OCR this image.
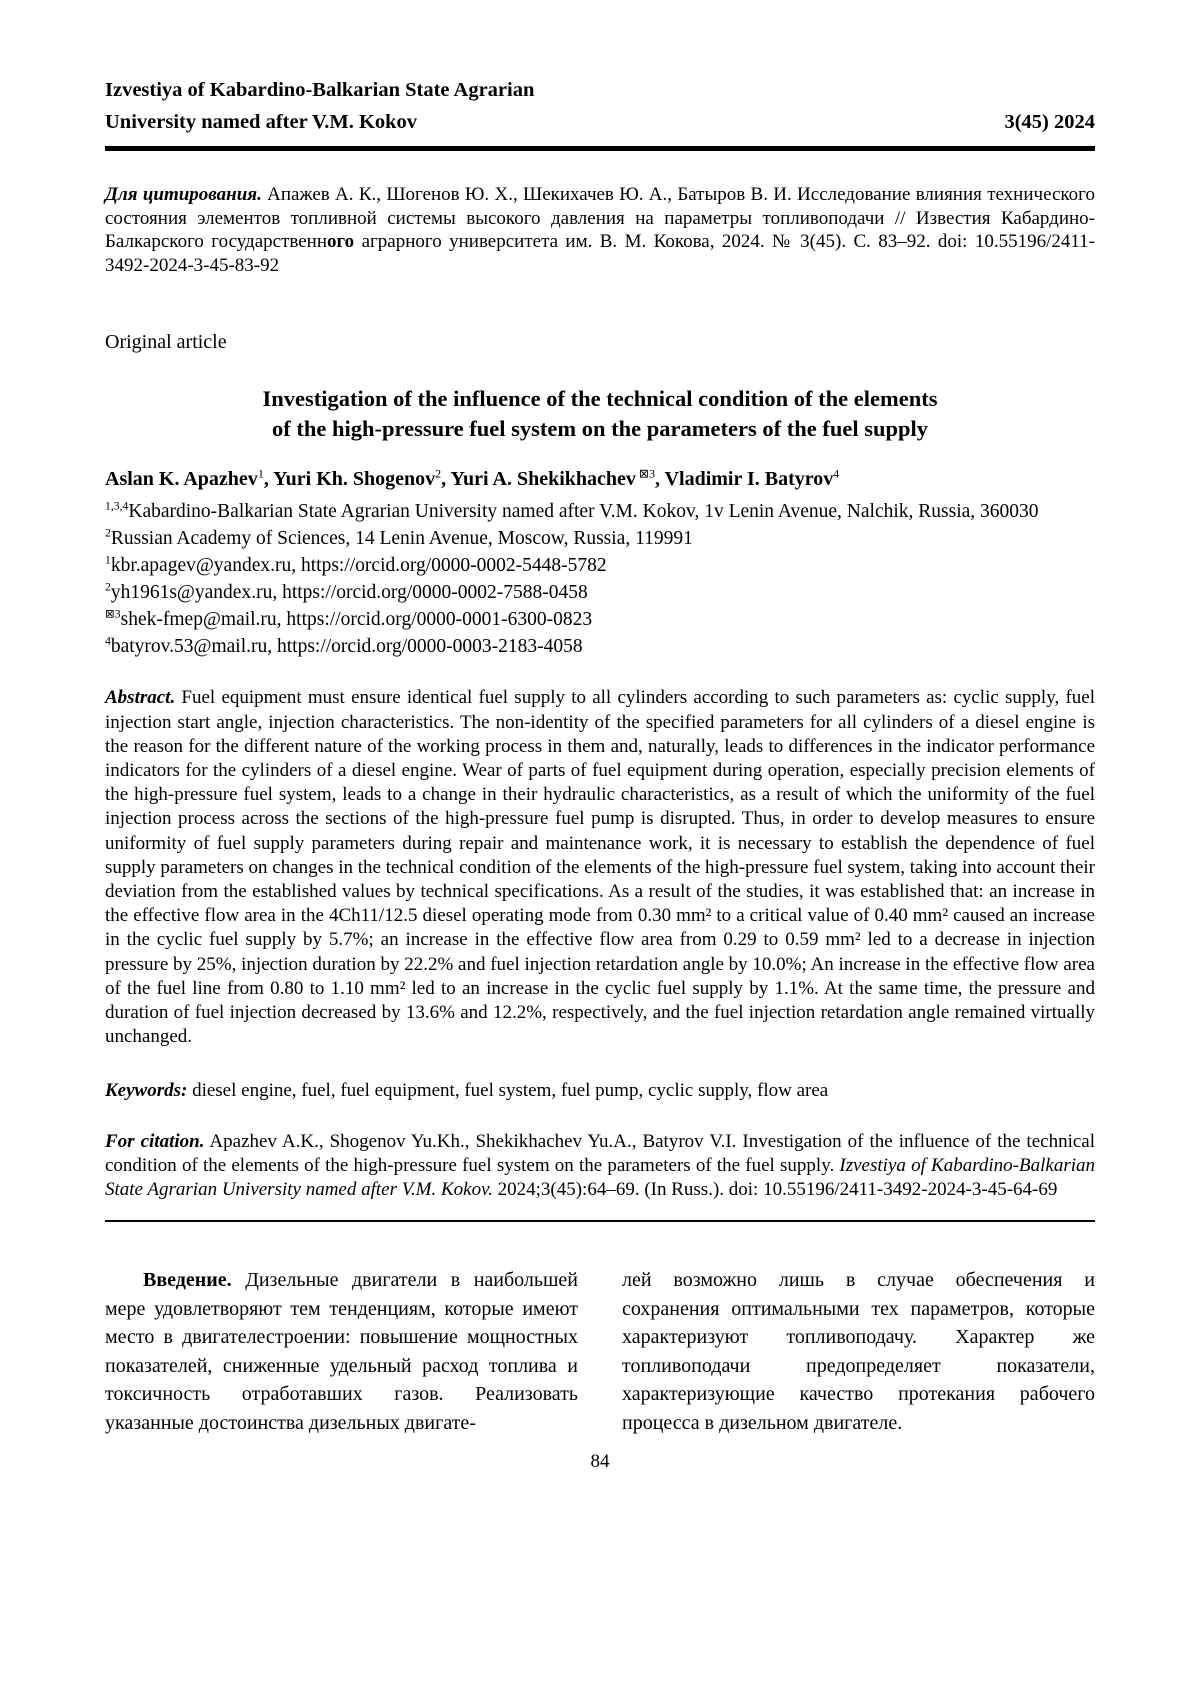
Izvestiya of Kabardino-Balkarian State Agrarian
University named after V.M. Kokov	3(45) 2024

Для цитирования. Апажев А. К., Шогенов Ю. Х., Шекихачев Ю. А., Батыров В. И. Исследование влияния технического состояния элементов топливной системы высокого давления на параметры топливоподачи // Известия Кабардино-Балкарского государственного аграрного университета им. В. М. Кокова, 2024. № 3(45). С. 83–92. doi: 10.55196/2411-3492-2024-3-45-83-92

Original article

Investigation of the influence of the technical condition of the elements
of the high-pressure fuel system on the parameters of the fuel supply

Aslan K. Apazhev$^1$, Yuri Kh. Shogenov$^2$, Yuri A. Shekikhachev $^{⊠3}$, Vladimir I. Batyrov$^4$

$^{1,3,4}$Kabardino-Balkarian State Agrarian University named after V.M. Kokov, 1v Lenin Avenue, Nalchik, Russia, 360030

$^2$Russian Academy of Sciences, 14 Lenin Avenue, Moscow, Russia, 119991

$^1$kbr.apagev@yandex.ru, https://orcid.org/0000-0002-5448-5782

$^2$yh1961s@yandex.ru, https://orcid.org/0000-0002-7588-0458

$^{⊠3}$shek-fmep@mail.ru, https://orcid.org/0000-0001-6300-0823

$^4$batyrov.53@mail.ru, https://orcid.org/0000-0003-2183-4058

Abstract. Fuel equipment must ensure identical fuel supply to all cylinders according to such parameters as: cyclic supply, fuel injection start angle, injection characteristics. The non-identity of the specified parameters for all cylinders of a diesel engine is the reason for the different nature of the working process in them and, naturally, leads to differences in the indicator performance indicators for the cylinders of a diesel engine. Wear of parts of fuel equipment during operation, especially precision elements of the high-pressure fuel system, leads to a change in their hydraulic characteristics, as a result of which the uniformity of the fuel injection process across the sections of the high-pressure fuel pump is disrupted. Thus, in order to develop measures to ensure uniformity of fuel supply parameters during repair and maintenance work, it is necessary to establish the dependence of fuel supply parameters on changes in the technical condition of the elements of the high-pressure fuel system, taking into account their deviation from the established values by technical specifications. As a result of the studies, it was established that: an increase in the effective flow area in the 4Ch11/12.5 diesel operating mode from 0.30 mm² to a critical value of 0.40 mm² caused an increase in the cyclic fuel supply by 5.7%; an increase in the effective flow area from 0.29 to 0.59 mm² led to a decrease in injection pressure by 25%, injection duration by 22.2% and fuel injection retardation angle by 10.0%; An increase in the effective flow area of the fuel line from 0.80 to 1.10 mm² led to an increase in the cyclic fuel supply by 1.1%. At the same time, the pressure and duration of fuel injection decreased by 13.6% and 12.2%, respectively, and the fuel injection retardation angle remained virtually unchanged.

Keywords: diesel engine, fuel, fuel equipment, fuel system, fuel pump, cyclic supply, flow area

For citation. Apazhev A.K., Shogenov Yu.Kh., Shekikhachev Yu.A., Batyrov V.I. Investigation of the influence of the technical condition of the elements of the high-pressure fuel system on the parameters of the fuel supply. Izvestiya of Kabardino-Balkarian State Agrarian University named after V.M. Kokov. 2024;3(45):64–69. (In Russ.). doi: 10.55196/2411-3492-2024-3-45-64-69

Введение. Дизельные двигатели в наибольшей мере удовлетворяют тем тенденциям, которые имеют место в двигателестроении: повышение мощностных показателей, сниженные удельный расход топлива и токсичность отработавших газов. Реализовать указанные достоинства дизельных двигате-

лей возможно лишь в случае обеспечения и сохранения оптимальными тех параметров, которые характеризуют топливоподачу. Характер же топливоподачи предопределяет показатели, характеризующие качество протекания рабочего процесса в дизельном двигателе.

84
